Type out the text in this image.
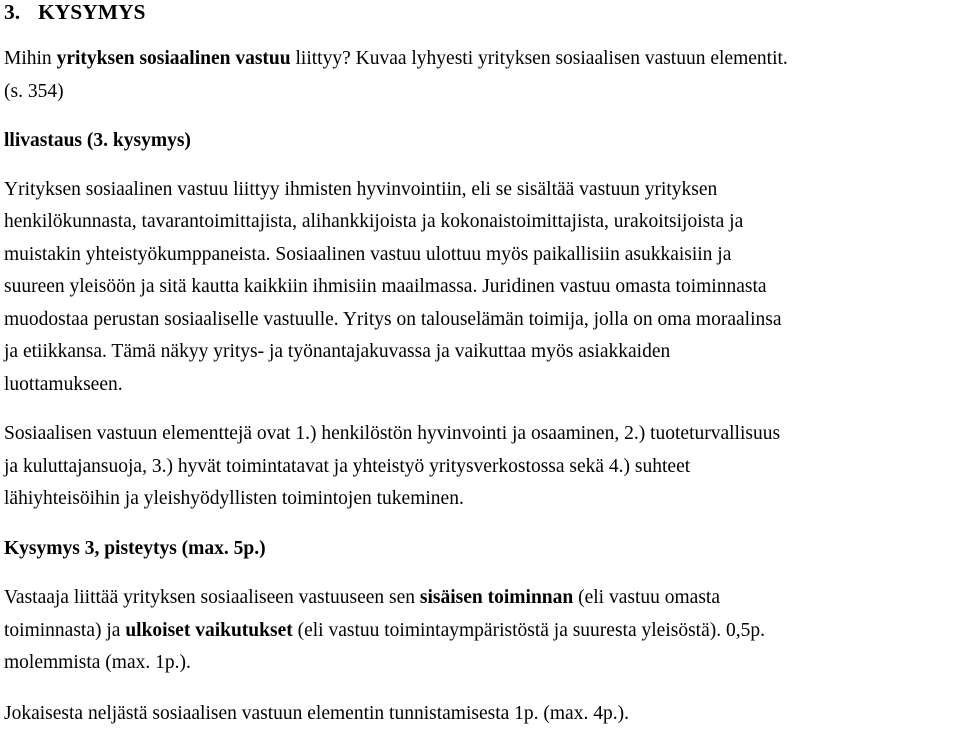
3. KYSYMYS

Mihin yrityksen sosiaalinen vastuu liittyy? Kuvaa lyhyesti yrityksen sosiaalisen vastuun elementit.
(s. 354)

llivastaus (3. kysymys)

Yrityksen sosiaalinen vastuu liittyy ihmisten hyvinvointiin, eli se sisältää vastuun yrityksen
henkilökunnasta, tavarantoimittajista, alihankkijoista ja kokonaistoimittajista, urakoitsijoista ja
muistakin yhteistyökumppaneista. Sosiaalinen vastuu ulottuu myös paikallisiin asukkaisiin ja
suureen yleisöön ja sitä kautta kaikkiin ihmisiin maailmassa. Juridinen vastuu omasta toiminnasta
muodostaa perustan sosiaaliselle vastuulle. Yritys on talouselämän toimija, jolla on oma moraalinsa
ja etiikkansa. Tämä näkyy yritys- ja työnantajakuvassa ja vaikuttaa myös asiakkaiden
luottamukseen.

Sosiaalisen vastuun elementtejä ovat 1.) henkilöstön hyvinvointi ja osaaminen, 2.) tuoteturvallisuus
ja kuluttajansuoja, 3.) hyvät toimintatavat ja yhteistyö yritysverkostossa sekä 4.) suhteet
lähiyhteisöihin ja yleishyödyllisten toimintojen tukeminen.

Kysymys 3, pisteytys (max. 5p.)

Vastaaja liittää yrityksen sosiaaliseen vastuuseen sen sisäisen toiminnan (eli vastuu omasta
toiminnasta) ja ulkoiset vaikutukset (eli vastuu toimintaympäristöstä ja suuresta yleisöstä). 0,5p.
molemmista (max. 1p.).

Jokaisesta neljästä sosiaalisen vastuun elementin tunnistamisesta 1p. (max. 4p.).
